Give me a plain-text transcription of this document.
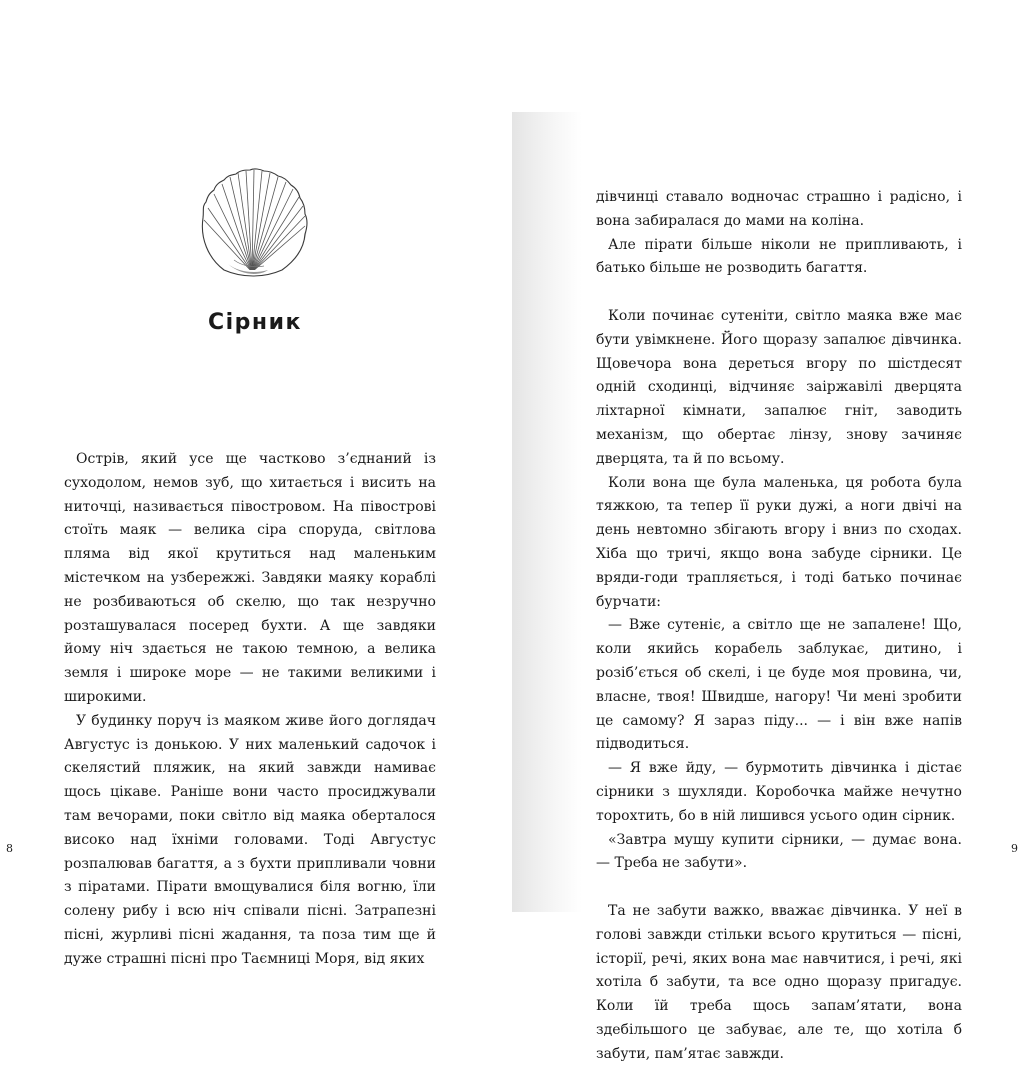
Сірник

Острів, який усе ще частково з’єднаний із суходолом, немов зуб, що хитається і висить на ниточці, називається півостровом. На півострові стоїть маяк — велика сіра споруда, світлова пляма від якої крутиться над маленьким містечком на узбережжі. Завдяки маяку кораблі не розбиваються об скелю, що так незручно розташувалася посеред бухти. А ще завдяки йому ніч здається не такою темною, а велика земля і широке море — не такими великими і широкими.

У будинку поруч із маяком живе його доглядач Августус із донькою. У них маленький садочок і скелястий пляжик, на який завжди намиває щось цікаве. Раніше вони часто просиджували там вечорами, поки світло від маяка оберталося високо над їхніми головами. Тоді Августус розпалював багаття, а з бухти припливали човни з піратами. Пірати вмощувалися біля вогню, їли солену рибу і всю ніч співали пісні. Затрапезні пісні, журливі пісні жадання, та поза тим ще й дуже страшні пісні про Таємниці Моря, від яких

дівчинці ставало водночас страшно і радісно, і вона забиралася до мами на коліна.

Але пірати більше ніколи не припливають, і батько більше не розводить багаття.

Коли починає сутеніти, світло маяка вже має бути увімкнене. Його щоразу запалює дівчинка. Щовечора вона дереться вгору по шістдесят одній сходинці, відчиняє заіржавілі дверцята ліхтарної кімнати, запалює гніт, заводить механізм, що обертає лінзу, знову зачиняє дверцята, та й по всьому.

Коли вона ще була маленька, ця робота була тяжкою, та тепер її руки дужі, а ноги двічі на день невтомно збігають вгору і вниз по сходах. Хіба що тричі, якщо вона забуде сірники. Це вряди-годи трапляється, і тоді батько починає бурчати:

— Вже сутеніє, а світло ще не запалене! Що, коли якийсь корабель заблукає, дитино, і розіб’ється об скелі, і це буде моя провина, чи, власне, твоя! Швидше, нагору! Чи мені зробити це самому? Я зараз піду... — і він вже напів підводиться.

— Я вже йду, — бурмотить дівчинка і дістає сірники з шухляди. Коробочка майже нечутно торохтить, бо в ній лишився усього один сірник.

«Завтра мушу купити сірники, — думає вона. — Треба не забути».

Та не забути важко, вважає дівчинка. У неї в голові завжди стільки всього крутиться — пісні, історії, речі, яких вона має навчитися, і речі, які хотіла б забути, та все одно щоразу пригадує. Коли їй треба щось запам’ятати, вона здебільшого це забуває, але те, що хотіла б забути, пам’ятає завжди.

8	9
